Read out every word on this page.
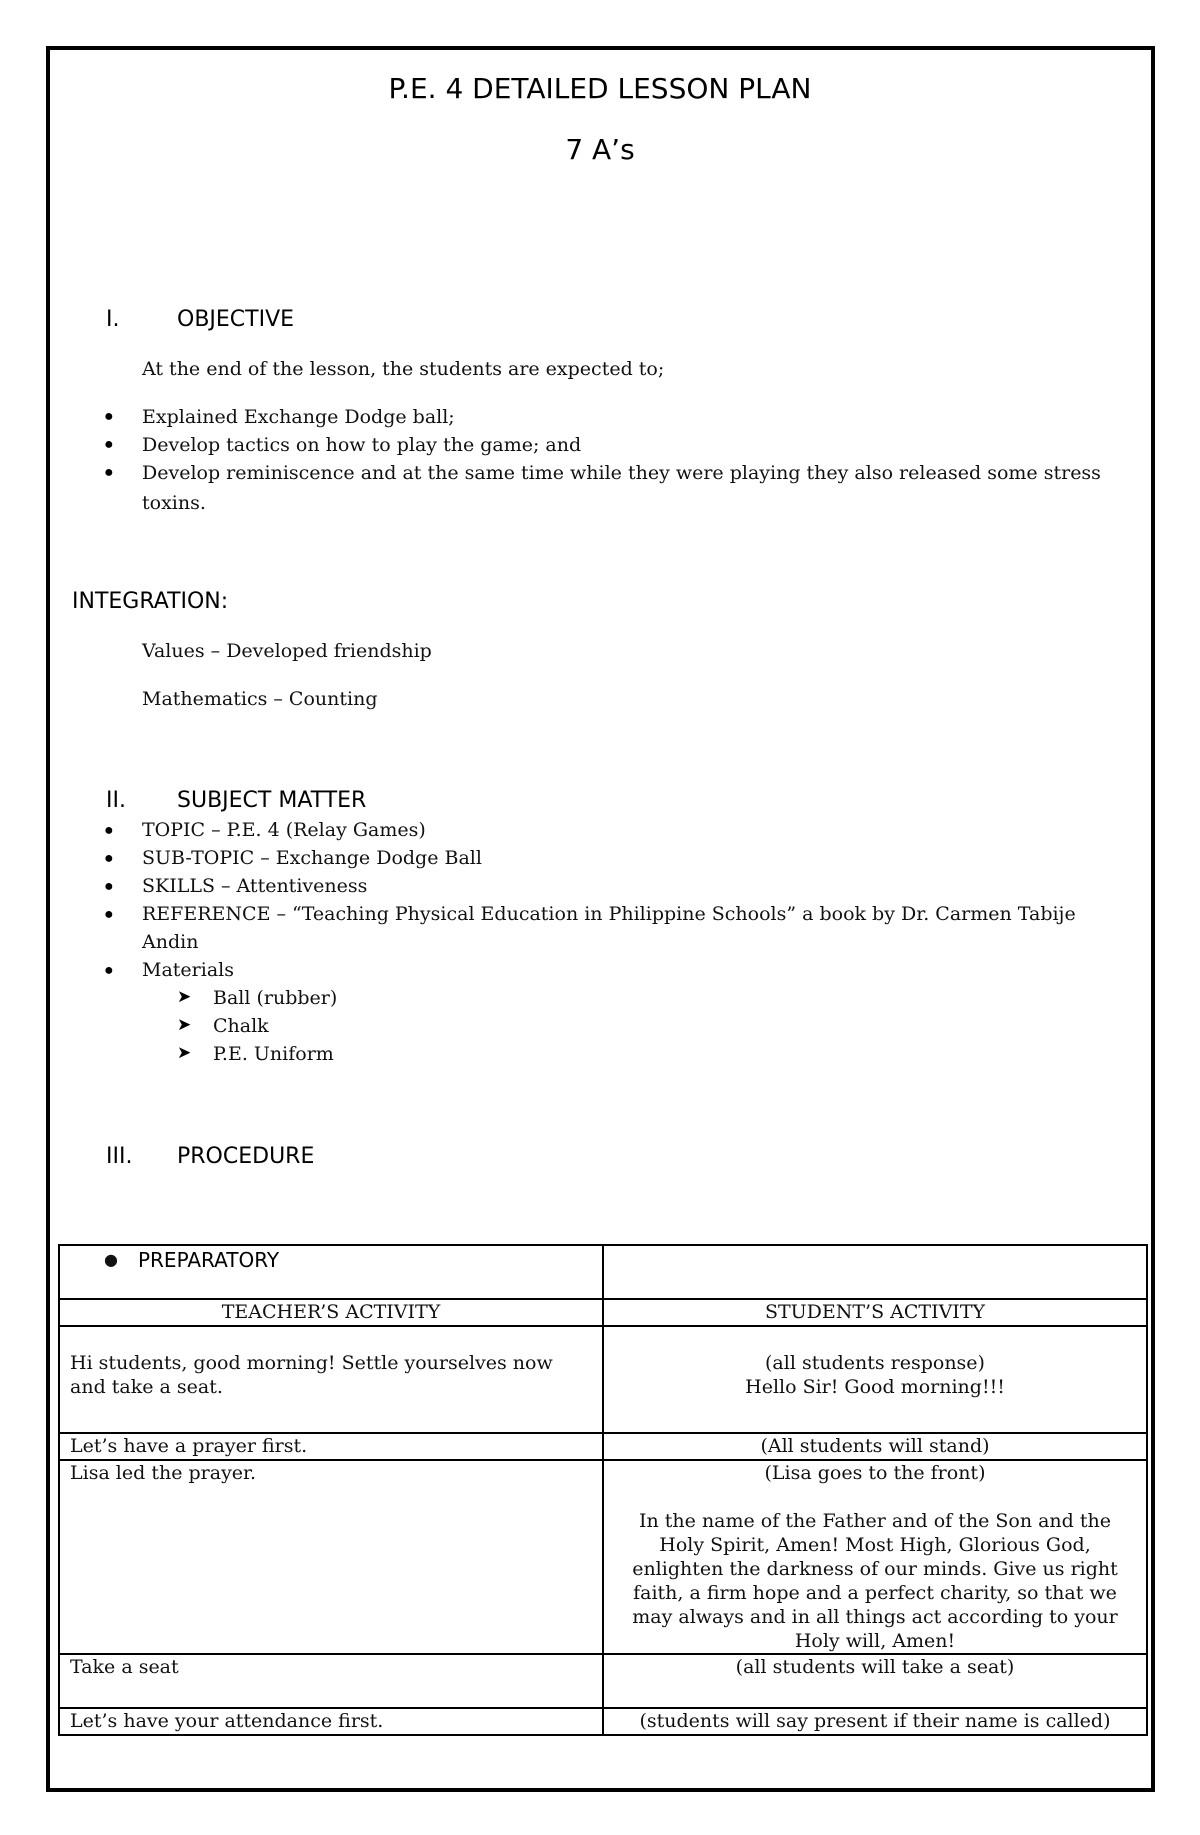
P.E. 4 DETAILED LESSON PLAN
7 A’s
I.	OBJECTIVE
At the end of the lesson, the students are expected to;
● Explained Exchange Dodge ball;
● Develop tactics on how to play the game; and
● Develop reminiscence and at the same time while they were playing they also released some stress
toxins.
INTEGRATION:
Values – Developed friendship
Mathematics – Counting
II. SUBJECT MATTER
● TOPIC – P.E. 4 (Relay Games)
● SUB-TOPIC – Exchange Dodge Ball
● SKILLS – Attentiveness
● REFERENCE – “Teaching Physical Education in Philippine Schools” a book by Dr. Carmen Tabije
Andin
● Materials
➤ Ball (rubber)
➤ Chalk
➤ P.E. Uniform
III. PROCEDURE
● PREPARATORY	
TEACHER’S ACTIVITY	STUDENT’S ACTIVITY
Hi students, good morning! Settle yourselves now and take a seat.	(all students response)
Hello Sir! Good morning!!!

Let’s have a prayer first.	(All students will stand)
Lisa led the prayer.	(Lisa goes to the front)
In the name of the Father and of the Son and the Holy Spirit, Amen! Most High, Glorious God, enlighten the darkness of our minds. Give us right faith, a firm hope and a perfect charity, so that we may always and in all things act according to your Holy will, Amen!

Take a seat	(all students will take a seat)
Let’s have your attendance first.	(students will say present if their name is called)
